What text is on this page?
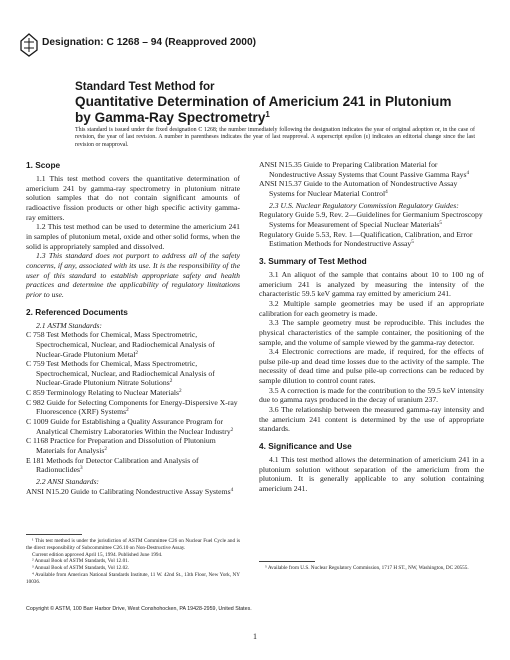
Designation: C 1268 – 94 (Reapproved 2000)
Standard Test Method for
Quantitative Determination of Americium 241 in Plutonium
by Gamma-Ray Spectrometry$^1$
This standard is issued under the fixed designation C 1268; the number immediately following the designation indicates the year of original adoption or, in the case of revision, the year of last revision. A number in parentheses indicates the year of last reapproval. A superscript epsilon (ε) indicates an editorial change since the last revision or reapproval.
1. Scope

1.1 This test method covers the quantitative determination of americium 241 by gamma-ray spectrometry in plutonium nitrate solution samples that do not contain significant amounts of radioactive fission products or other high specific activity gamma-ray emitters.

1.2 This test method can be used to determine the americium 241 in samples of plutonium metal, oxide and other solid forms, when the solid is appropriately sampled and dissolved.

1.3 This standard does not purport to address all of the safety concerns, if any, associated with its use. It is the responsibility of the user of this standard to establish appropriate safety and health practices and determine the applicability of regulatory limitations prior to use.

2. Referenced Documents

2.1 ASTM Standards:

C 758 Test Methods for Chemical, Mass Spectrometric, Spectrochemical, Nuclear, and Radiochemical Analysis of Nuclear-Grade Plutonium Metal$^2$

C 759 Test Methods for Chemical, Mass Spectrometric, Spectrochemical, Nuclear, and Radiochemical Analysis of Nuclear-Grade Plutonium Nitrate Solutions$^2$

C 859 Terminology Relating to Nuclear Materials$^2$

C 982 Guide for Selecting Components for Energy-Dispersive X-ray Fluorescence (XRF) Systems$^2$

C 1009 Guide for Establishing a Quality Assurance Program for Analytical Chemistry Laboratories Within the Nuclear Industry$^2$

C 1168 Practice for Preparation and Dissolution of Plutonium Materials for Analysis$^2$

E 181 Methods for Detector Calibration and Analysis of Radionuclides$^3$

2.2 ANSI Standards:

ANSI N15.20 Guide to Calibrating Nondestructive Assay Systems$^4$

ANSI N15.35 Guide to Preparing Calibration Material for Nondestructive Assay Systems that Count Passive Gamma Rays$^4$

ANSI N15.37 Guide to the Automation of Nondestructive Assay Systems for Nuclear Material Control$^4$

2.3 U.S. Nuclear Regulatory Commission Regulatory Guides:

Regulatory Guide 5.9, Rev. 2—Guidelines for Germanium Spectroscopy Systems for Measurement of Special Nuclear Materials$^5$

Regulatory Guide 5.53, Rev. 1—Qualification, Calibration, and Error Estimation Methods for Nondestructive Assay$^5$

3. Summary of Test Method

3.1 An aliquot of the sample that contains about 10 to 100 ng of americium 241 is analyzed by measuring the intensity of the characteristic 59.5 keV gamma ray emitted by americium 241.

3.2 Multiple sample geometries may be used if an appropriate calibration for each geometry is made.

3.3 The sample geometry must be reproducible. This includes the physical characteristics of the sample container, the positioning of the sample, and the volume of sample viewed by the gamma-ray detector.

3.4 Electronic corrections are made, if required, for the effects of pulse pile-up and dead time losses due to the activity of the sample. The necessity of dead time and pulse pile-up corrections can be reduced by sample dilution to control count rates.

3.5 A correction is made for the contribution to the 59.5 keV intensity due to gamma rays produced in the decay of uranium 237.

3.6 The relationship between the measured gamma-ray intensity and the americium 241 content is determined by the use of appropriate standards.

4. Significance and Use

4.1 This test method allows the determination of americium 241 in a plutonium solution without separation of the americium from the plutonium. It is generally applicable to any solution containing americium 241.

¹ This test method is under the jurisdiction of ASTM Committee C26 on Nuclear Fuel Cycle and is the direct responsibility of Subcommittee C26.10 on Non-Destructive Assay.

Current edition approved April 15, 1994. Published June 1994.

² Annual Book of ASTM Standards, Vol 12.01.

³ Annual Book of ASTM Standards, Vol 12.02.

⁴ Available from American National Standards Institute, 11 W. 42nd St., 13th Floor, New York, NY 10036.

⁵ Available from U.S. Nuclear Regulatory Commission, 1717 H ST., NW, Washington, DC 20555.

Copyright © ASTM, 100 Barr Harbor Drive, West Conshohocken, PA 19428-2959, United States.
1
